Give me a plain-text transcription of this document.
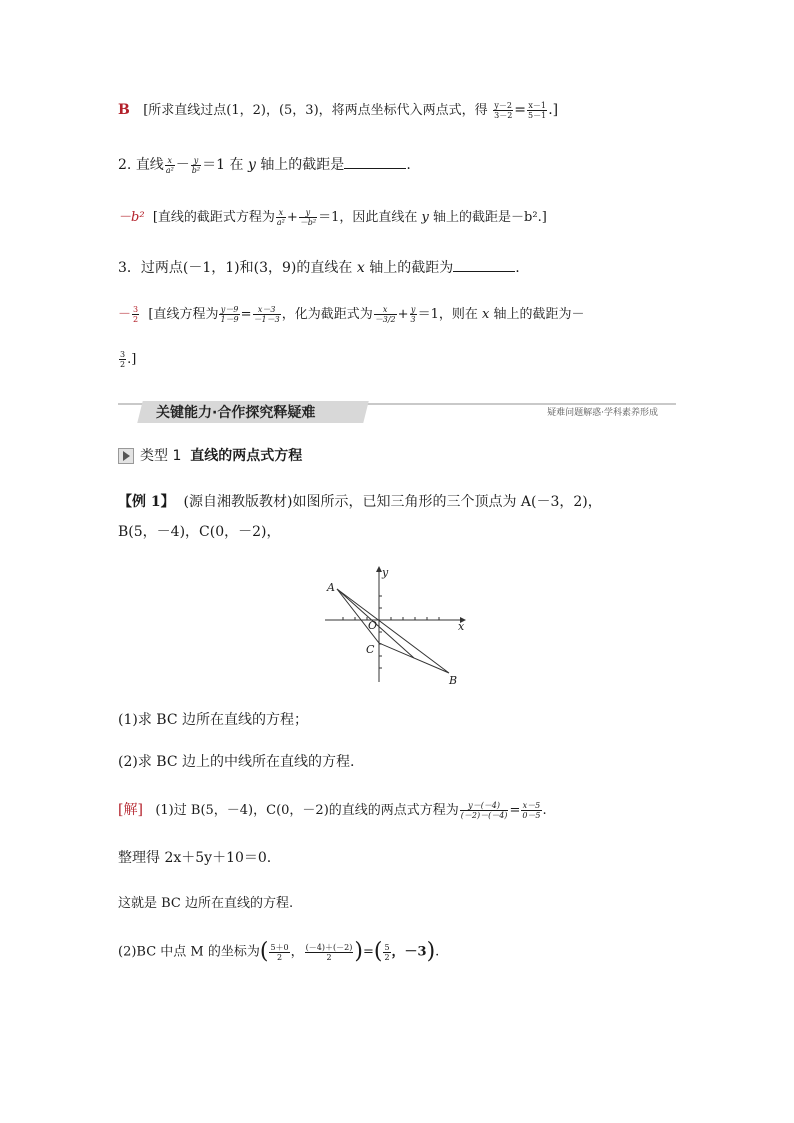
B [所求直线过点(1，2)，(5，3)，将两点坐标代入两点式，得 $\frac{y-2}{3-2} = \frac{x-1}{5-1}$ .]
2. 直线 $\frac{x}{\text{a²}} - \frac{y}{\text{b²}} =1$ 在 y 轴上的截距是	.
－b² [直线的截距式方程为 $\frac{x}{\text{a²}} + \frac{y}{\text{－b²}} =1$，因此直线在 y 轴上的截距是－b².]
3．过两点(－1，1)和(3，9)的直线在 x 轴上的截距为	.
－ $\frac{3}{2}$ [直线方程为 $\frac{y-9}{1-9} = \frac{x-3}{-1-3}$ ，化为截距式为 $\frac{x}{-3/2} + \frac{y}{3} =1$，则在 x 轴上的截距为－
$\frac{3}{2}$ .]
关键能力·合作探究释疑难	疑难问题解惑·学科素养形成
类型 1 直线的两点式方程
【例 1】 (源自湘教版教材)如图所示，已知三角形的三个顶点为 A(－3，2)，
B(5，－4)，C(0，－2)，
A
B
C
O	x
y
(1)求 BC 边所在直线的方程；
(2)求 BC 边上的中线所在直线的方程.
[解] (1)过 B(5，－4)，C(0，－2)的直线的两点式方程为 $\frac{y-(-4)}{(-2)-(-4)} = \frac{x-5}{0-5}$ .
整理得 2x＋5y＋10＝0.
这就是 BC 边所在直线的方程.
(2)BC 中点 M 的坐标为( $\frac{5+0}{2}$ ， $\frac{(-4)+(-2)}{2}$ )=( $\frac{5}{2}$ ，－3).
